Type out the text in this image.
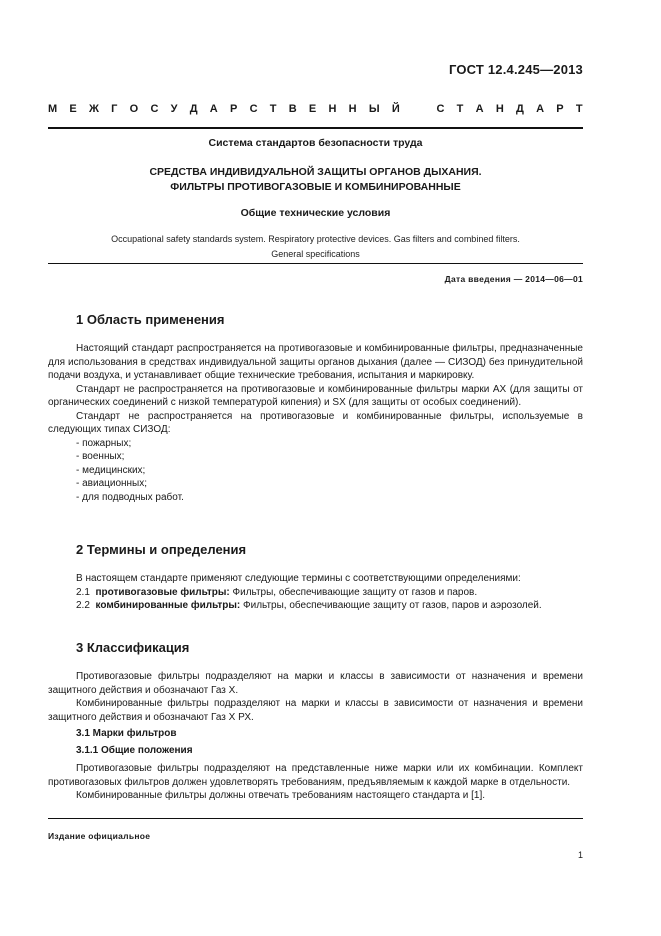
ГОСТ 12.4.245—2013
М Е Ж Г О С У Д А Р С Т В Е Н Н Ы Й	С Т А Н Д А Р Т
Система стандартов безопасности труда
СРЕДСТВА ИНДИВИДУАЛЬНОЙ ЗАЩИТЫ ОРГАНОВ ДЫХАНИЯ.
ФИЛЬТРЫ ПРОТИВОГАЗОВЫЕ И КОМБИНИРОВАННЫЕ
Общие технические условия
Occupational safety standards system. Respiratory protective devices. Gas filters and combined filters.
General specifications
Дата введения — 2014—06—01
1 Область применения

Настоящий стандарт распространяется на противогазовые и комбинированные фильтры, предназначенные для использования в средствах индивидуальной защиты органов дыхания (далее — СИЗОД) без принудительной подачи воздуха, и устанавливает общие технические требования, испытания и маркировку.

Стандарт не распространяется на противогазовые и комбинированные фильтры марки АХ (для защиты от органических соединений с низкой температурой кипения) и SX (для защиты от особых соединений).

Стандарт не распространяется на противогазовые и комбинированные фильтры, используемые в следующих типах СИЗОД:

- пожарных;
- военных;
- медицинских;
- авиационных;
- для подводных работ.
2 Термины и определения

В настоящем стандарте применяют следующие термины с соответствующими определениями:

2.1 противогазовые фильтры: Фильтры, обеспечивающие защиту от газов и паров.

2.2 комбинированные фильтры: Фильтры, обеспечивающие защиту от газов, паров и аэрозолей.

3 Классификация

Противогазовые фильтры подразделяют на марки и классы в зависимости от назначения и времени защитного действия и обозначают Газ X.

Комбинированные фильтры подразделяют на марки и классы в зависимости от назначения и времени защитного действия и обозначают Газ X РХ.

3.1 Марки фильтров
3.1.1 Общие положения

Противогазовые фильтры подразделяют на представленные ниже марки или их комбинации. Комплект противогазовых фильтров должен удовлетворять требованиям, предъявляемым к каждой марке в отдельности.

Комбинированные фильтры должны отвечать требованиям настоящего стандарта и [1].

Издание официальное
1
